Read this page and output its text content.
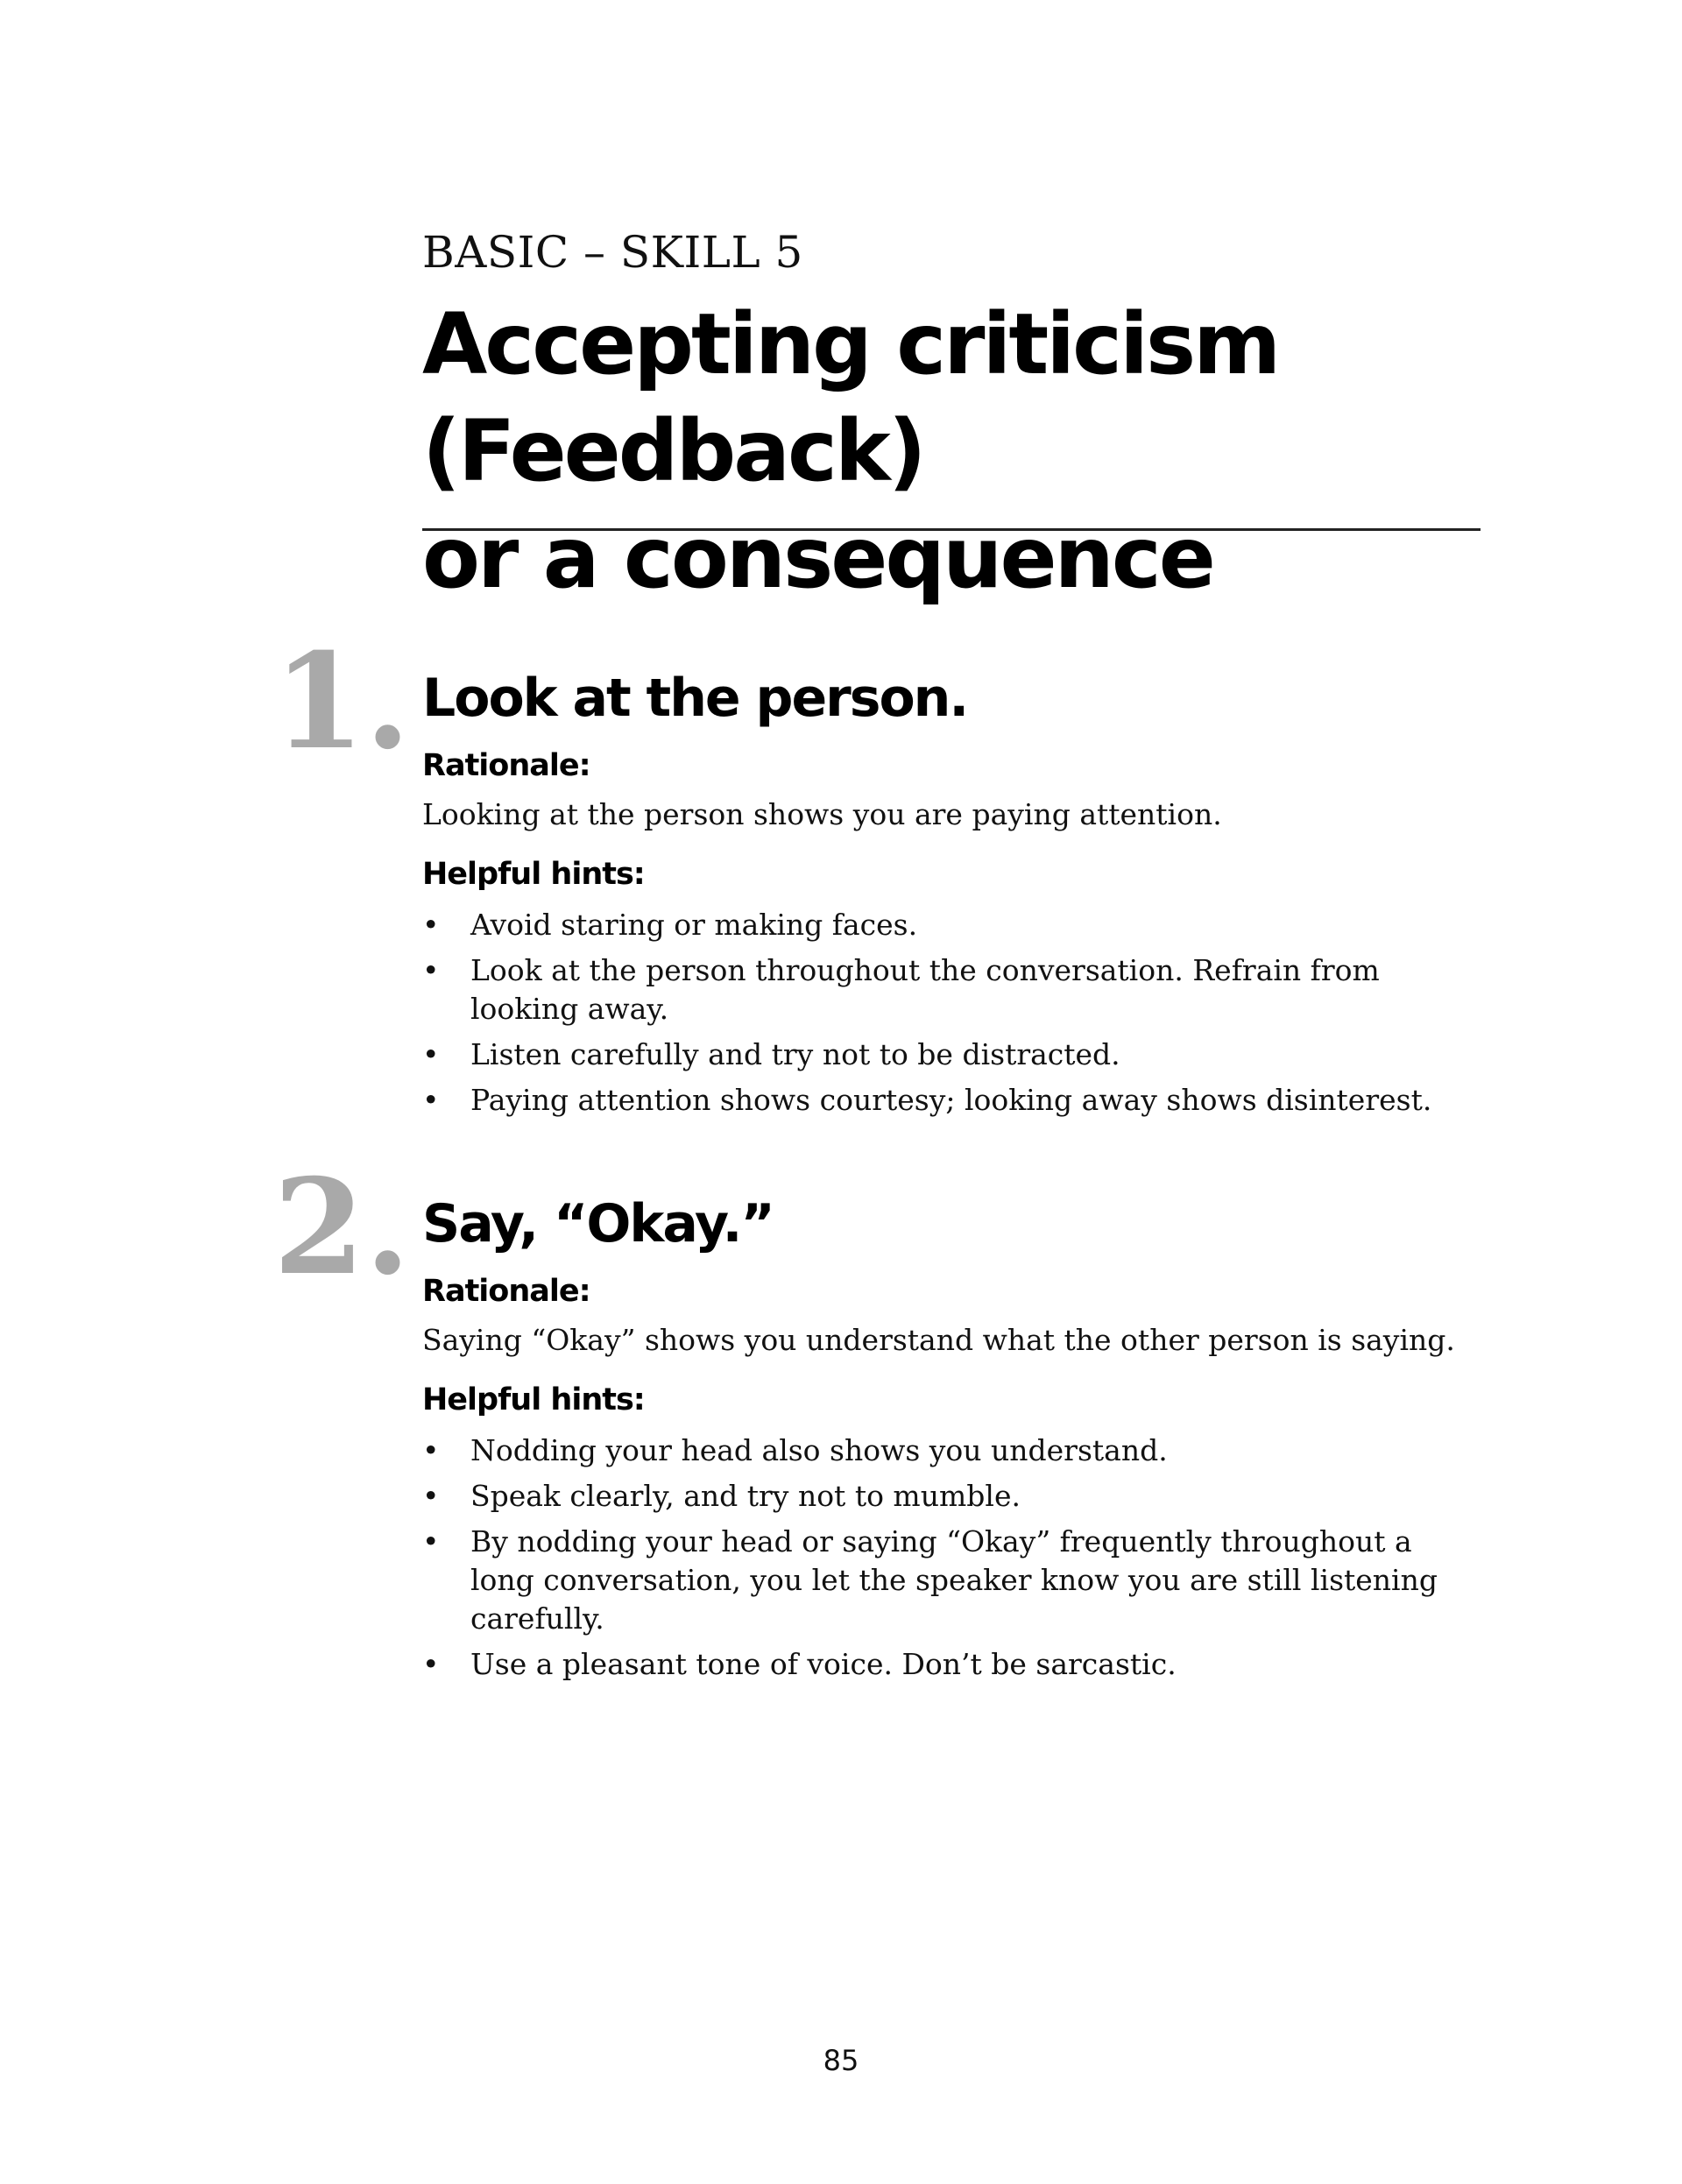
BASIC – SKILL 5
Accepting criticism (Feedback)
or a consequence
1. Look at the person.
Rationale:
Looking at the person shows you are paying attention.
Helpful hints:
• Avoid staring or making faces.
• Look at the person throughout the conversation. Refrain from looking away.
• Listen carefully and try not to be distracted.
• Paying attention shows courtesy; looking away shows disinterest.
2. Say, “Okay.”
Rationale:
Saying “Okay” shows you understand what the other person is saying.
Helpful hints:
• Nodding your head also shows you understand.
• Speak clearly, and try not to mumble.
• By nodding your head or saying “Okay” frequently throughout a long conversation, you let the speaker know you are still listening carefully.
• Use a pleasant tone of voice. Don’t be sarcastic.
85
